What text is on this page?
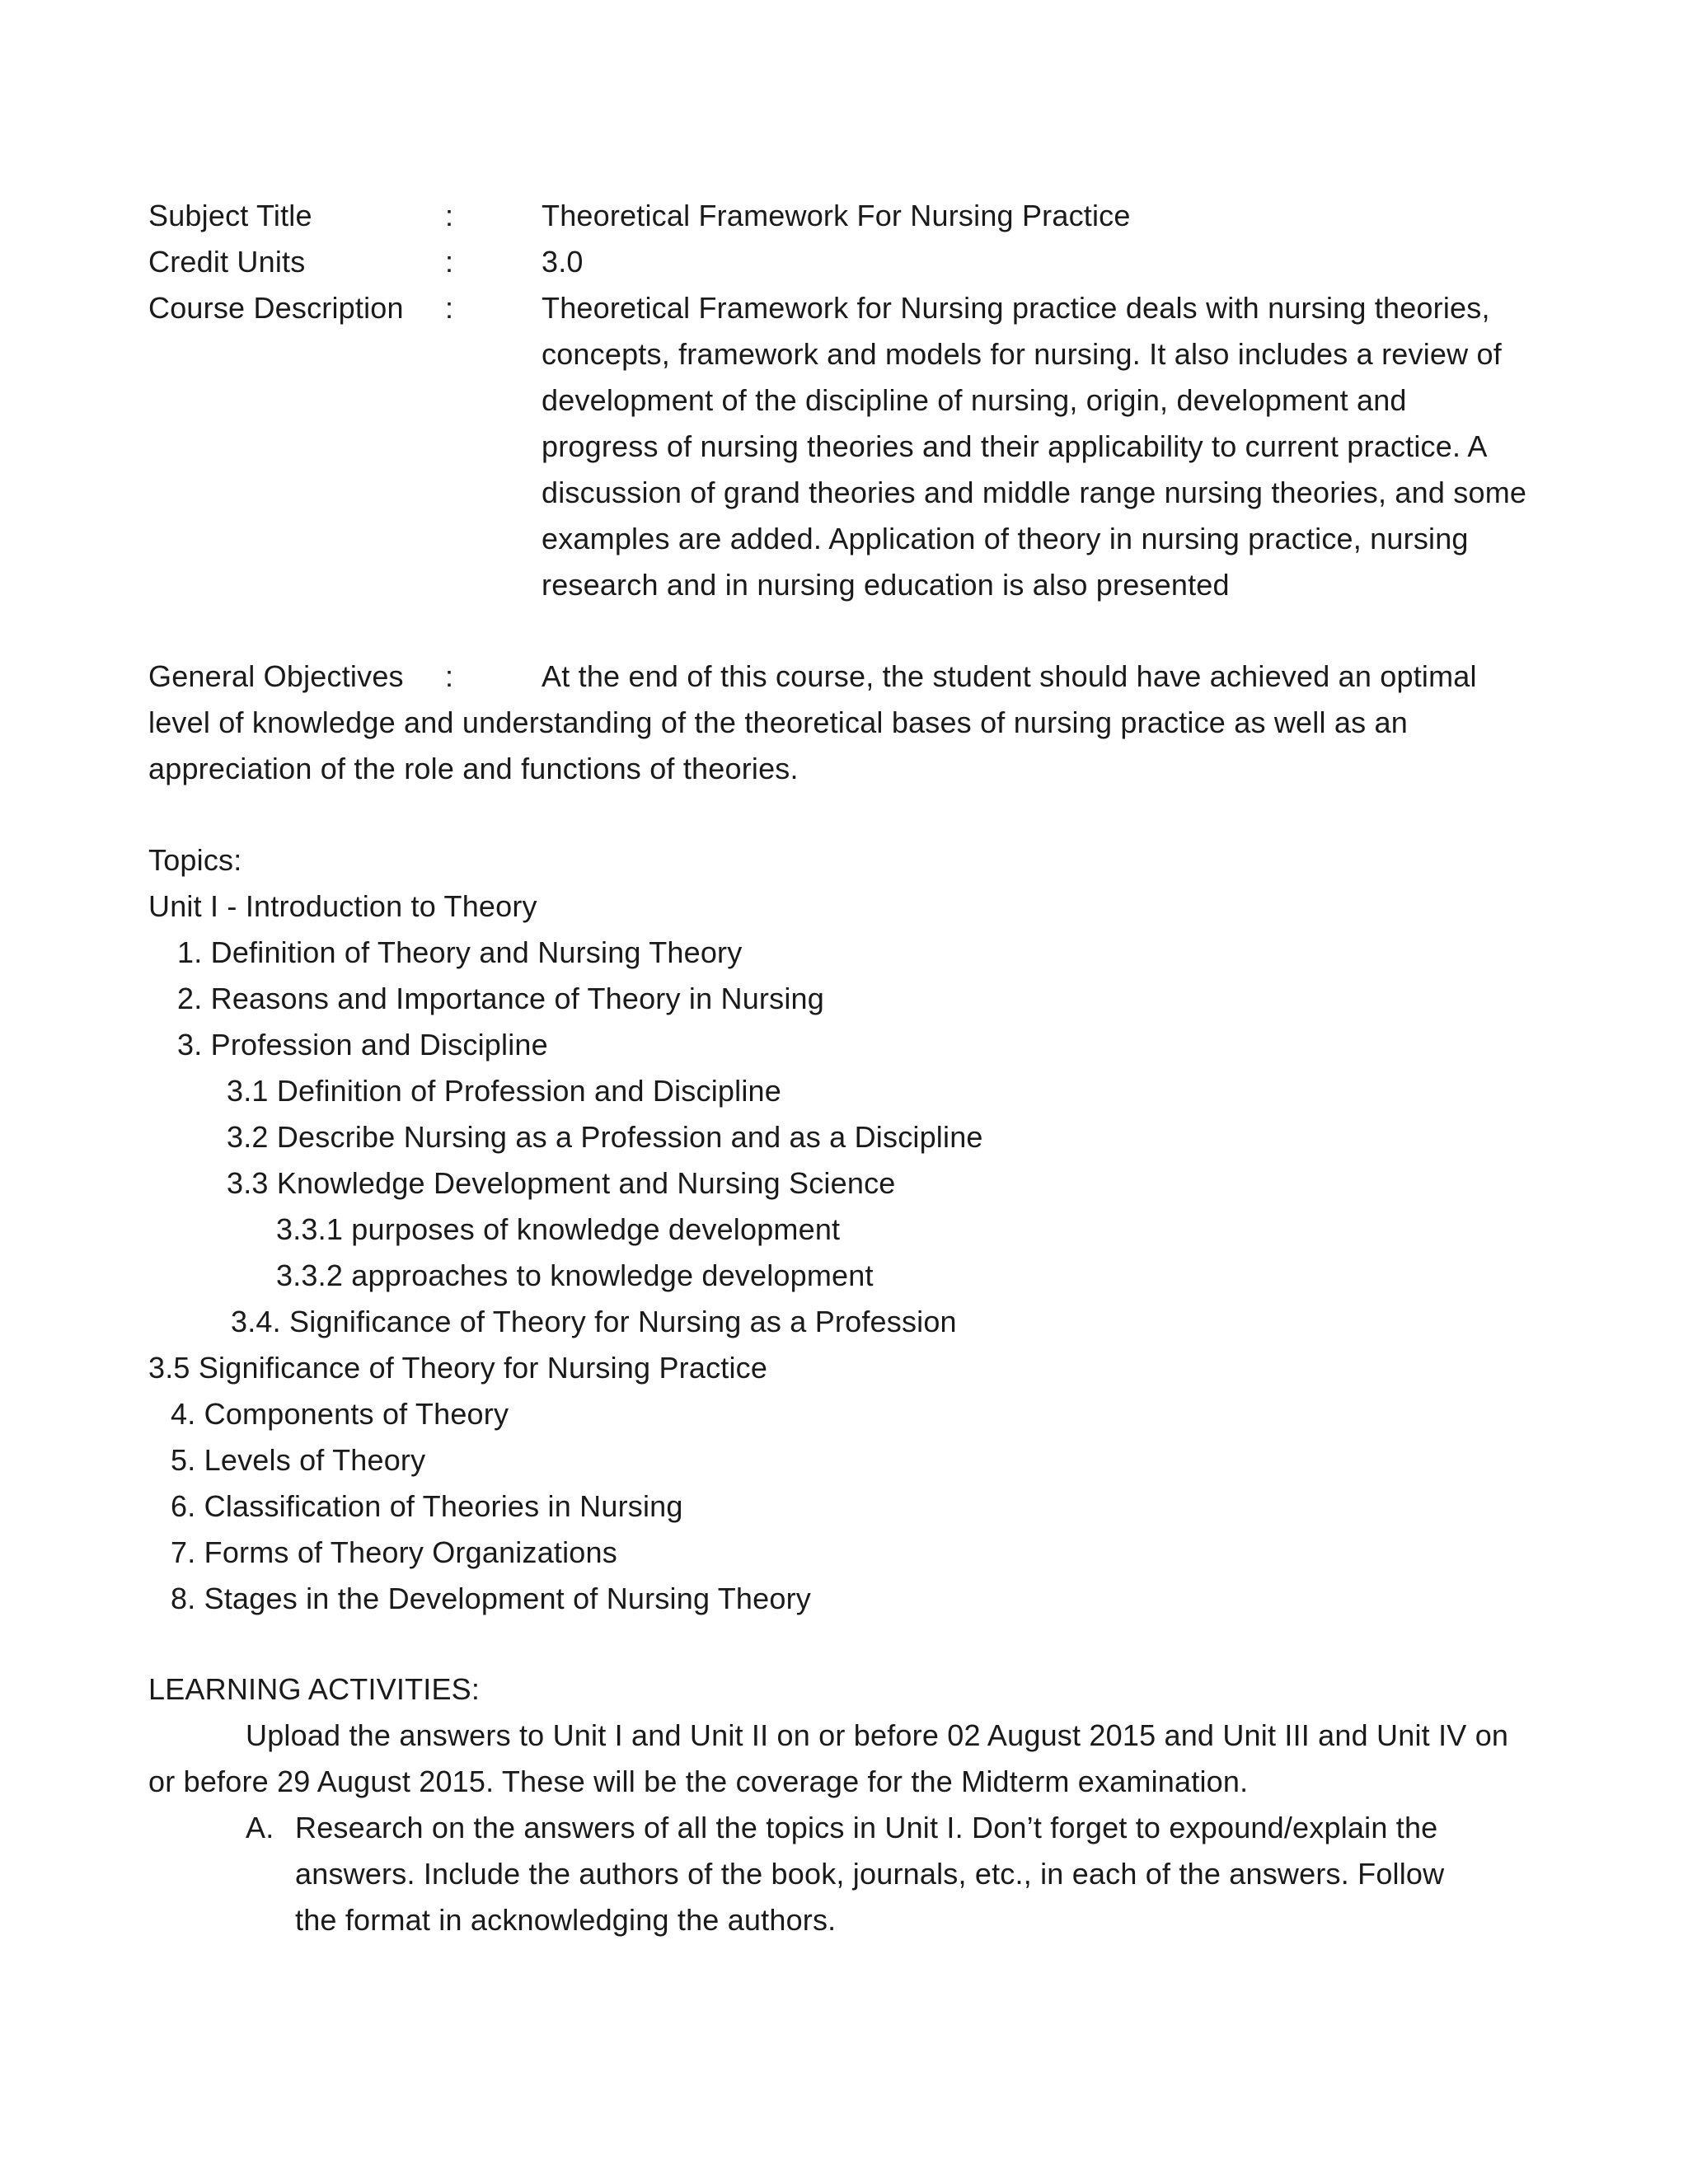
Subject Title	:	Theoretical Framework For Nursing Practice
Credit Units	:	3.0
Course Description :	Theoretical Framework for Nursing practice deals with nursing theories,
concepts, framework and models for nursing. It also includes a review of
development of the discipline of nursing, origin, development and
progress of nursing theories and their applicability to current practice. A
discussion of grand theories and middle range nursing theories, and some
examples are added. Application of theory in nursing practice, nursing
research and in nursing education is also presented
General Objectives :	At the end of this course, the student should have achieved an optimal
level of knowledge and understanding of the theoretical bases of nursing practice as well as an
appreciation of the role and functions of theories.
Topics:
Unit I - Introduction to Theory
1. Definition of Theory and Nursing Theory
2. Reasons and Importance of Theory in Nursing
3. Profession and Discipline
3.1 Definition of Profession and Discipline
3.2 Describe Nursing as a Profession and as a Discipline
3.3 Knowledge Development and Nursing Science
3.3.1 purposes of knowledge development
3.3.2 approaches to knowledge development
3.4. Significance of Theory for Nursing as a Profession
3.5 Significance of Theory for Nursing Practice
4. Components of Theory
5. Levels of Theory
6. Classification of Theories in Nursing
7. Forms of Theory Organizations
8. Stages in the Development of Nursing Theory
LEARNING ACTIVITIES:
Upload the answers to Unit I and Unit II on or before 02 August 2015 and Unit III and Unit IV on
or before 29 August 2015. These will be the coverage for the Midterm examination.
A. Research on the answers of all the topics in Unit I. Don’t forget to expound/explain the
answers. Include the authors of the book, journals, etc., in each of the answers. Follow
the format in acknowledging the authors.
